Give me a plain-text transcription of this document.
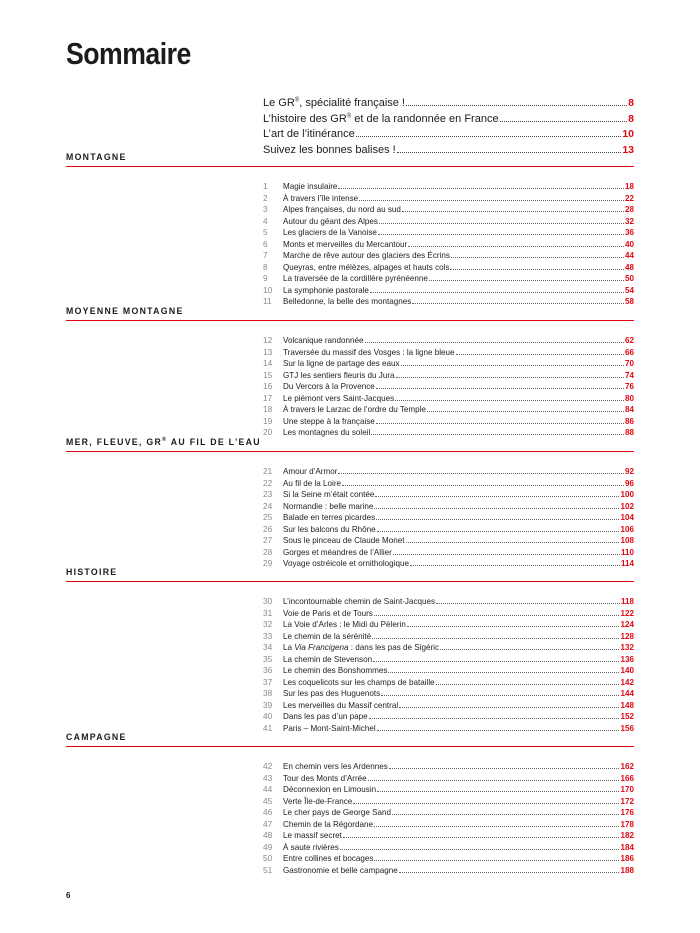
Sommaire
Le GR®, spécialité française !	8
L’histoire des GR® et de la randonnée en France	8
L’art de l’itinérance	10
Suivez les bonnes balises !	13
MONTAGNE
1	Magie insulaire	18
2	À travers l’île intense	22
3	Alpes françaises, du nord au sud	28
4	Autour du géant des Alpes	32
5	Les glaciers de la Vanoise	36
6	Monts et merveilles du Mercantour	40
7	Marche de rêve autour des glaciers des Écrins	44
8	Queyras, entre mélèzes, alpages et hauts cols	48
9	La traversée de la cordillère pyrénéenne	50
10	La symphonie pastorale	54
11	Belledonne, la belle des montagnes	58
MOYENNE MONTAGNE
12	Volcanique randonnée	62
13	Traversée du massif des Vosges : la ligne bleue	66
14	Sur la ligne de partage des eaux	70
15	GTJ les sentiers fleuris du Jura	74
16	Du Vercors à la Provence	76
17	Le piémont vers Saint-Jacques	80
18	À travers le Larzac de l’ordre du Temple	84
19	Une steppe à la française	86
20	Les montagnes du soleil	88
MER, FLEUVE, GR® AU FIL DE L’EAU
21	Amour d’Armor	92
22	Au fil de la Loire	96
23	Si la Seine m’était contée	100
24	Normandie : belle marine	102
25	Balade en terres picardes	104
26	Sur les balcons du Rhône	106
27	Sous le pinceau de Claude Monet	108
28	Gorges et méandres de l’Allier	110
29	Voyage ostréicole et ornithologique	114
HISTOIRE
30	L’incontournable chemin de Saint-Jacques	118
31	Voie de Paris et de Tours	122
32	La Voie d’Arles : le Midi du Pèlerin	124
33	Le chemin de la sérénité	128
34	La Via Francigena : dans les pas de Sigéric	132
35	La chemin de Stevenson	136
36	Le chemin des Bonshommes	140
37	Les coquelicots sur les champs de bataille	142
38	Sur les pas des Huguenots	144
39	Les merveilles du Massif central	148
40	Dans les pas d’un pape	152
41	Paris – Mont-Saint-Michel	156
CAMPAGNE
42	En chemin vers les Ardennes	162
43	Tour des Monts d’Arrée	166
44	Déconnexion en Limousin	170
45	Verte Île-de-France	172
46	Le cher pays de George Sand	176
47	Chemin de la Régordane	178
48	Le massif secret	182
49	À saute rivières	184
50	Entre collines et bocages	186
51	Gastronomie et belle campagne	188
6
